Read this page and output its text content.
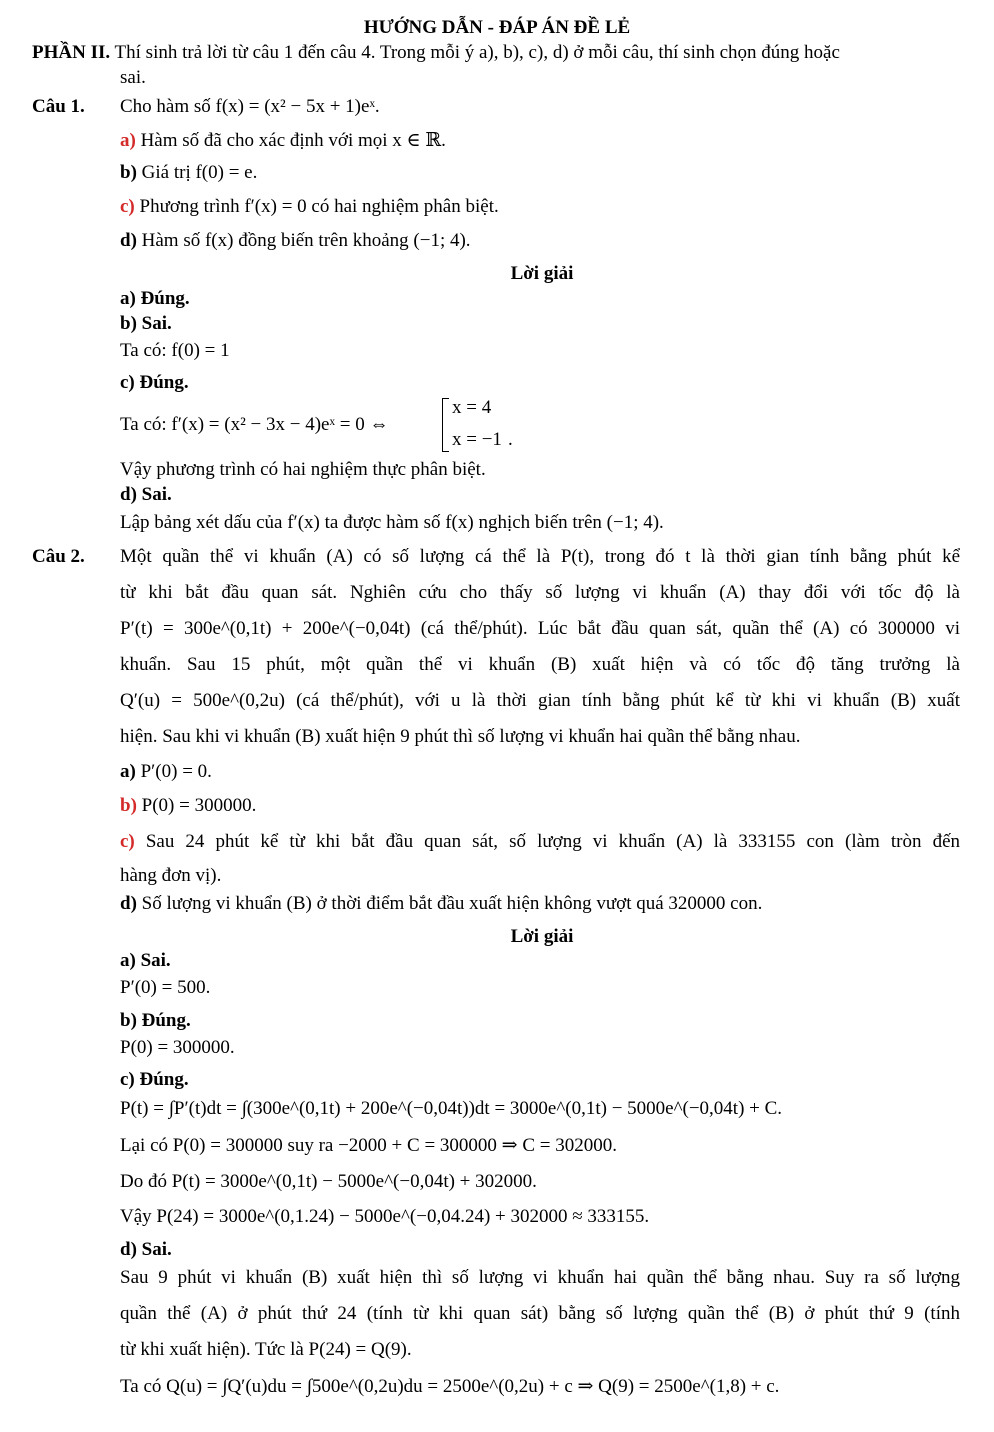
HƯỚNG DẪN - ĐÁP ÁN ĐỀ LẺ
PHẦN II. Thí sinh trả lời từ câu 1 đến câu 4. Trong mỗi ý a), b), c), d) ở mỗi câu, thí sinh chọn đúng hoặc
sai.
Câu 1. Cho hàm số f(x) = (x² − 5x + 1)eˣ.
a) Hàm số đã cho xác định với mọi x ∈ ℝ.
b) Giá trị f(0) = e.
c) Phương trình f′(x) = 0 có hai nghiệm phân biệt.
d) Hàm số f(x) đồng biến trên khoảng (−1; 4).
Lời giải
a) Đúng.
b) Sai.
Ta có: f(0) = 1
c) Đúng.
Ta có: f′(x) = (x² − 3x − 4)eˣ = 0 ⇔
x = 4
x = −1 .
Vậy phương trình có hai nghiệm thực phân biệt.
d) Sai.
Lập bảng xét dấu của f′(x) ta được hàm số f(x) nghịch biến trên (−1; 4).
Câu 2. Một quần thể vi khuẩn (A) có số lượng cá thể là P(t), trong đó t là thời gian tính bằng phút kể
từ khi bắt đầu quan sát. Nghiên cứu cho thấy số lượng vi khuẩn (A) thay đổi với tốc độ là
P′(t) = 300e^(0,1t) + 200e^(−0,04t) (cá thể/phút). Lúc bắt đầu quan sát, quần thể (A) có 300000 vi
khuẩn. Sau 15 phút, một quần thể vi khuẩn (B) xuất hiện và có tốc độ tăng trưởng là
Q′(u) = 500e^(0,2u) (cá thể/phút), với u là thời gian tính bằng phút kể từ khi vi khuẩn (B) xuất
hiện. Sau khi vi khuẩn (B) xuất hiện 9 phút thì số lượng vi khuẩn hai quần thể bằng nhau.
a) P′(0) = 0.
b) P(0) = 300000.
c) Sau 24 phút kể từ khi bắt đầu quan sát, số lượng vi khuẩn (A) là 333155 con (làm tròn đến
hàng đơn vị).
d) Số lượng vi khuẩn (B) ở thời điểm bắt đầu xuất hiện không vượt quá 320000 con.
Lời giải
a) Sai.
P′(0) = 500.
b) Đúng.
P(0) = 300000.
c) Đúng.
P(t) = ∫P′(t)dt = ∫(300e^(0,1t) + 200e^(−0,04t))dt = 3000e^(0,1t) − 5000e^(−0,04t) + C.
Lại có P(0) = 300000 suy ra −2000 + C = 300000 ⇒ C = 302000.
Do đó P(t) = 3000e^(0,1t) − 5000e^(−0,04t) + 302000.
Vậy P(24) = 3000e^(0,1.24) − 5000e^(−0,04.24) + 302000 ≈ 333155.
d) Sai.
Sau 9 phút vi khuẩn (B) xuất hiện thì số lượng vi khuẩn hai quần thể bằng nhau. Suy ra số lượng
quần thể (A) ở phút thứ 24 (tính từ khi quan sát) bằng số lượng quần thể (B) ở phút thứ 9 (tính
từ khi xuất hiện). Tức là P(24) = Q(9).
Ta có Q(u) = ∫Q′(u)du = ∫500e^(0,2u)du = 2500e^(0,2u) + c ⇒ Q(9) = 2500e^(1,8) + c.
